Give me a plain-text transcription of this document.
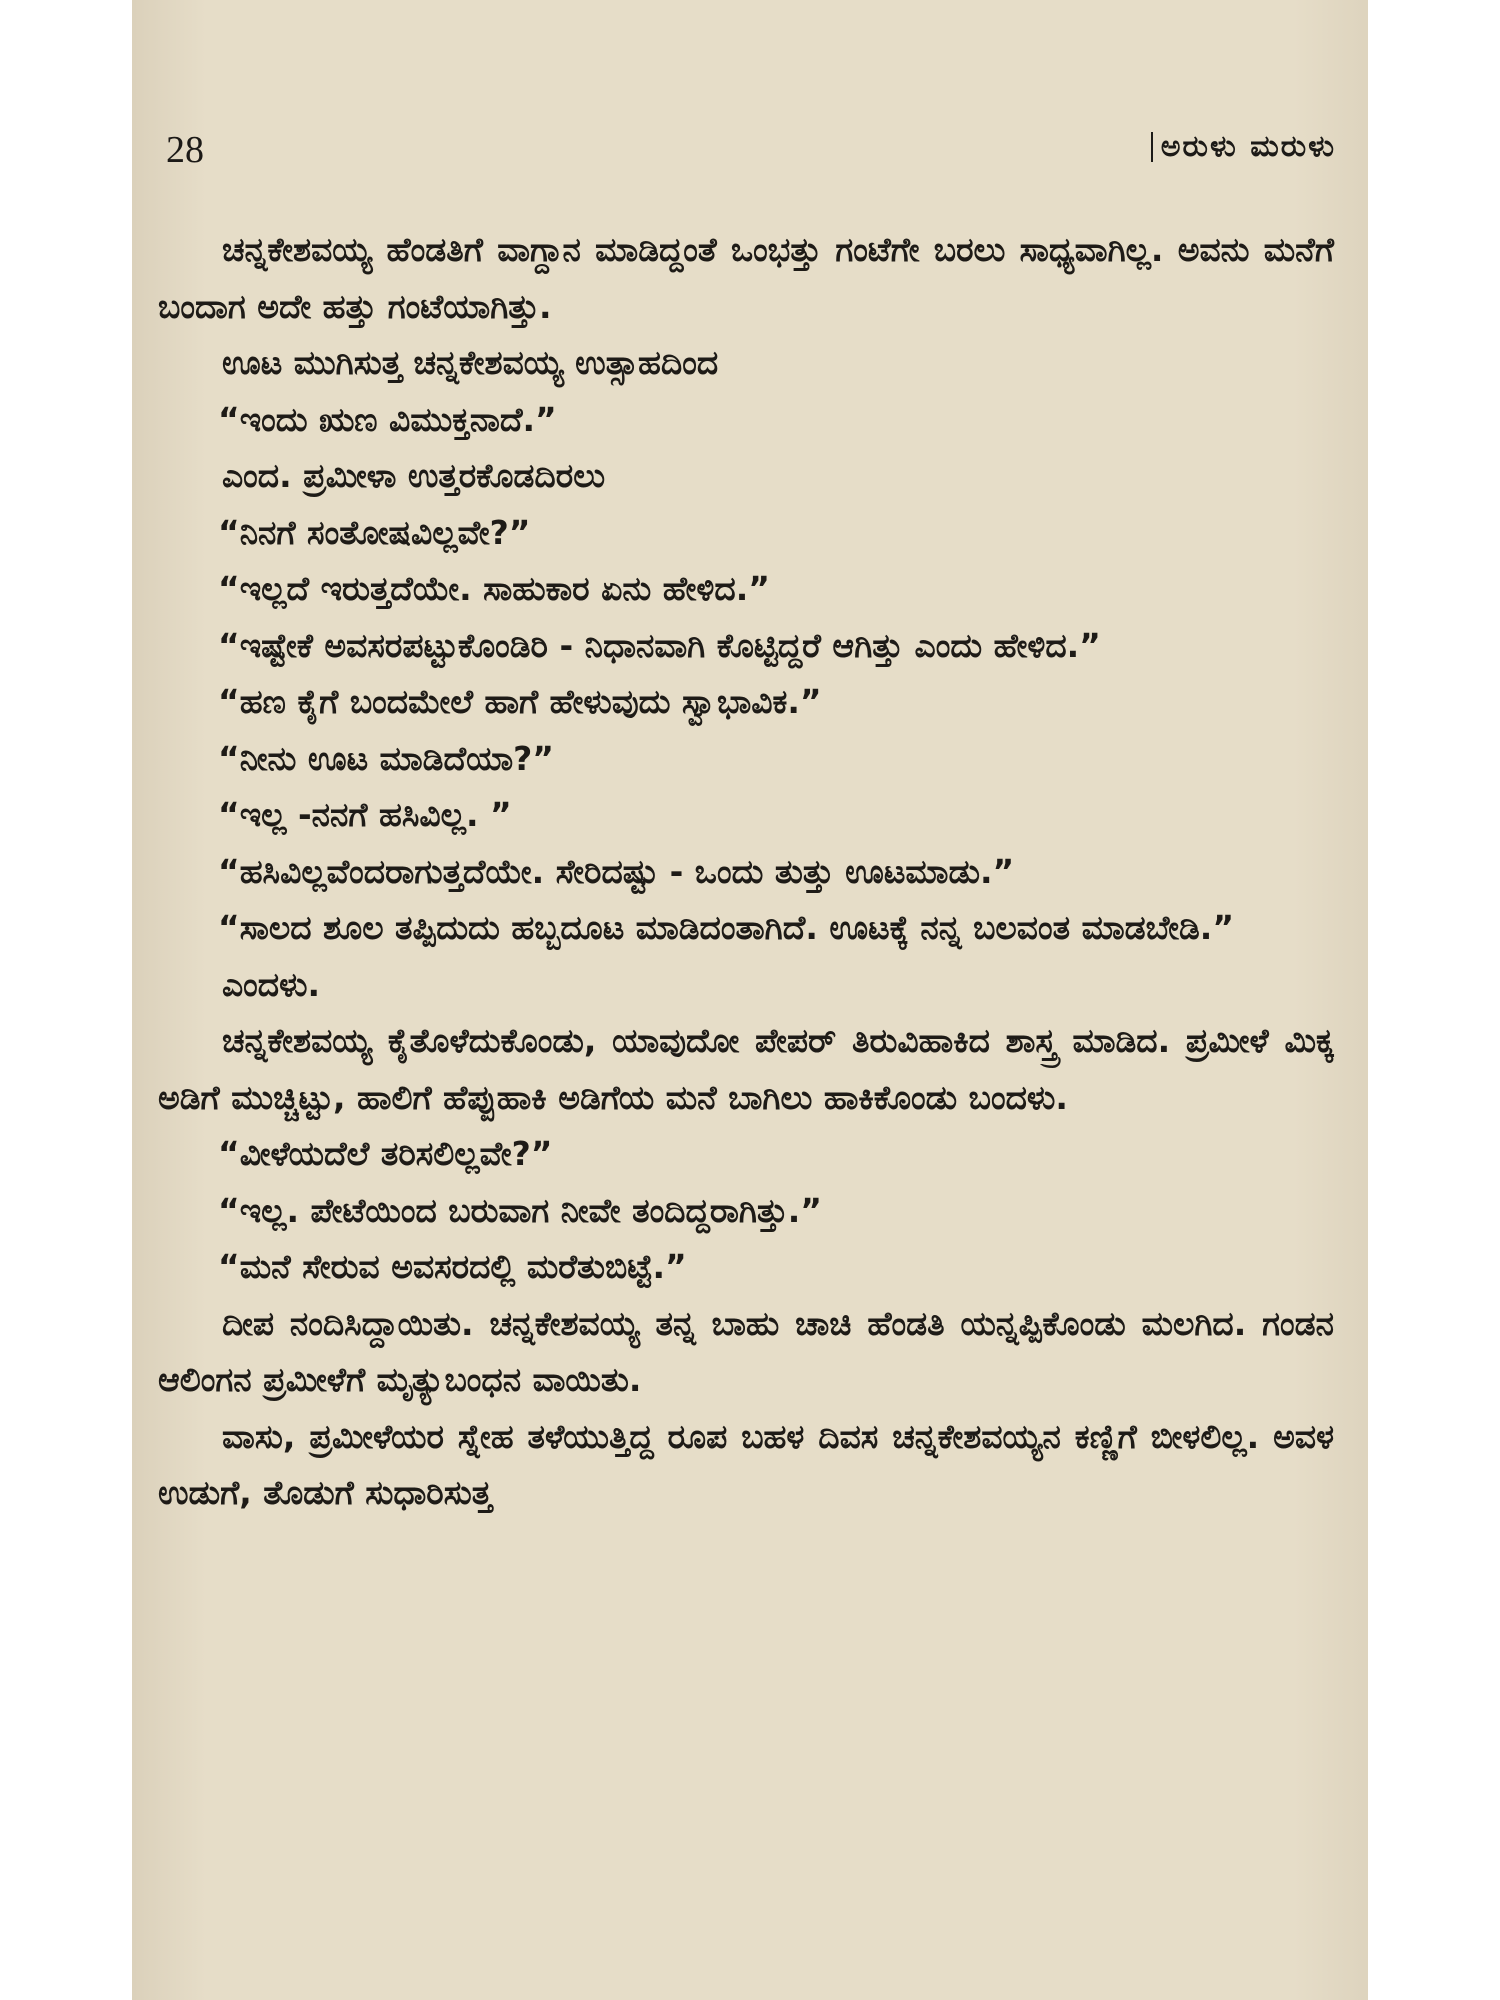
28	ಅರುಳು ಮರುಳು

ಚನ್ನಕೇಶವಯ್ಯ ಹೆಂಡತಿಗೆ ವಾಗ್ದಾನ ಮಾಡಿದ್ದಂತೆ ಒಂಭತ್ತು ಗಂಟೆಗೇ ಬರಲು ಸಾಧ್ಯವಾಗಿಲ್ಲ. ಅವನು ಮನೆಗೆ ಬಂದಾಗ ಅದೇ ಹತ್ತು ಗಂಟೆಯಾಗಿತ್ತು.

ಊಟ ಮುಗಿಸುತ್ತ ಚನ್ನಕೇಶವಯ್ಯ ಉತ್ಸಾಹದಿಂದ

“ಇಂದು ಋಣ ವಿಮುಕ್ತನಾದೆ.”

ಎಂದ. ಪ್ರಮೀಳಾ ಉತ್ತರಕೊಡದಿರಲು

“ನಿನಗೆ ಸಂತೋಷವಿಲ್ಲವೇ?”

“ಇಲ್ಲದೆ ಇರುತ್ತದೆಯೇ. ಸಾಹುಕಾರ ಏನು ಹೇಳಿದ.”

“ಇಷ್ಟೇಕೆ ಅವಸರಪಟ್ಟುಕೊಂಡಿರಿ - ನಿಧಾನವಾಗಿ ಕೊಟ್ಟಿದ್ದರೆ ಆಗಿತ್ತು ಎಂದು ಹೇಳಿದ.”

“ಹಣ ಕೈಗೆ ಬಂದಮೇಲೆ ಹಾಗೆ ಹೇಳುವುದು ಸ್ವಾಭಾವಿಕ.”

“ನೀನು ಊಟ ಮಾಡಿದೆಯಾ?”

“ಇಲ್ಲ -ನನಗೆ ಹಸಿವಿಲ್ಲ. ”

“ಹಸಿವಿಲ್ಲವೆಂದರಾಗುತ್ತದೆಯೇ. ಸೇರಿದಷ್ಟು - ಒಂದು ತುತ್ತು ಊಟಮಾಡು.”

“ಸಾಲದ ಶೂಲ ತಪ್ಪಿದುದು ಹಬ್ಬದೂಟ ಮಾಡಿದಂತಾಗಿದೆ. ಊಟಕ್ಕೆ ನನ್ನ ಬಲವಂತ ಮಾಡಬೇಡಿ.”

ಎಂದಳು.

ಚನ್ನಕೇಶವಯ್ಯ ಕೈತೊಳೆದುಕೊಂಡು, ಯಾವುದೋ ಪೇಪರ್ ತಿರುವಿಹಾಕಿದ ಶಾಸ್ತ್ರ ಮಾಡಿದ. ಪ್ರಮೀಳೆ ಮಿಕ್ಕ ಅಡಿಗೆ ಮುಚ್ಚಿಟ್ಟು, ಹಾಲಿಗೆ ಹೆಪ್ಪುಹಾಕಿ ಅಡಿಗೆಯ ಮನೆ ಬಾಗಿಲು ಹಾಕಿಕೊಂಡು ಬಂದಳು.

“ವೀಳೆಯದೆಲೆ ತರಿಸಲಿಲ್ಲವೇ?”

“ಇಲ್ಲ. ಪೇಟೆಯಿಂದ ಬರುವಾಗ ನೀವೇ ತಂದಿದ್ದರಾಗಿತ್ತು.”

“ಮನೆ ಸೇರುವ ಅವಸರದಲ್ಲಿ ಮರೆತುಬಿಟ್ಟೆ.”

ದೀಪ ನಂದಿಸಿದ್ದಾಯಿತು. ಚನ್ನಕೇಶವಯ್ಯ ತನ್ನ ಬಾಹು ಚಾಚಿ ಹೆಂಡತಿ ಯನ್ನಪ್ಪಿಕೊಂಡು ಮಲಗಿದ. ಗಂಡನ ಆಲಿಂಗನ ಪ್ರಮೀಳೆಗೆ ಮೃತ್ಯುಬಂಧನ ವಾಯಿತು.

ವಾಸು, ಪ್ರಮೀಳೆಯರ ಸ್ನೇಹ ತಳೆಯುತ್ತಿದ್ದ ರೂಪ ಬಹಳ ದಿವಸ ಚನ್ನಕೇಶವಯ್ಯನ ಕಣ್ಣಿಗೆ ಬೀಳಲಿಲ್ಲ. ಅವಳ ಉಡುಗೆ, ತೊಡುಗೆ ಸುಧಾರಿಸುತ್ತ
